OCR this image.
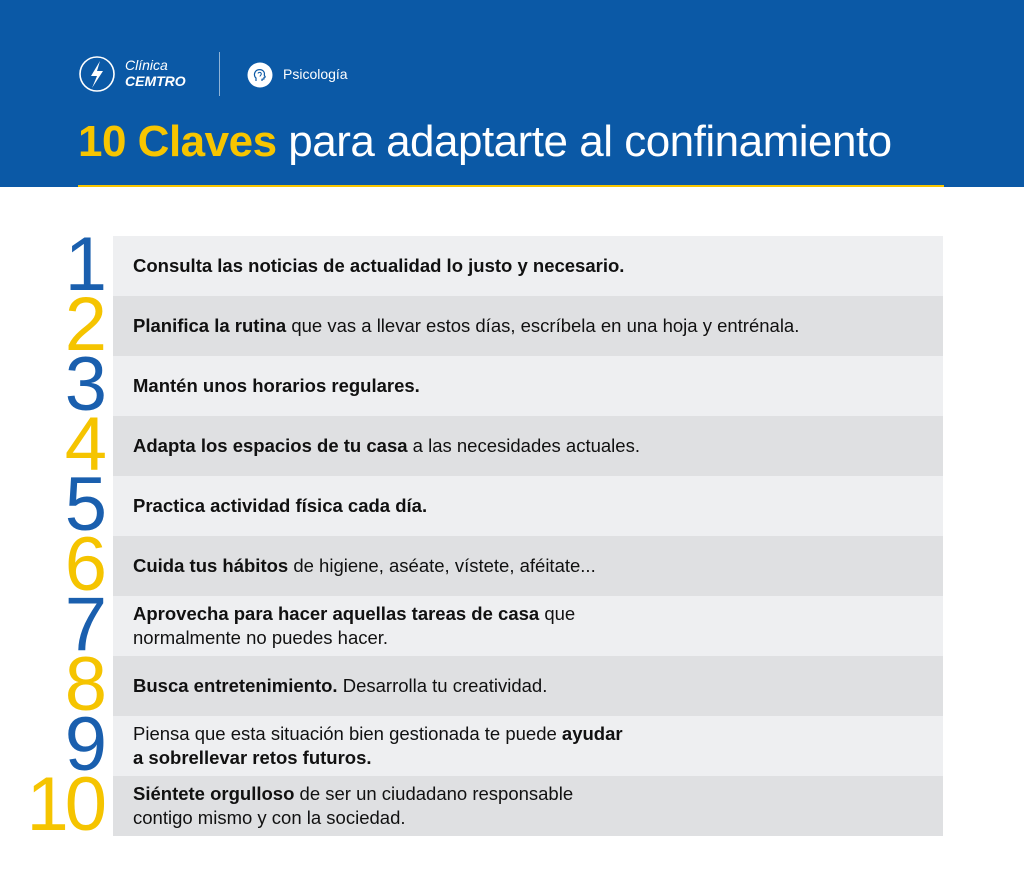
Clínica
CEMTRO	Psicología
10 Claves para adaptarte al confinamiento
1 Consulta las noticias de actualidad lo justo y necesario.

2 Planifica la rutina que vas a llevar estos días, escríbela en una hoja y entrénala.

3 Mantén unos horarios regulares.

4 Adapta los espacios de tu casa a las necesidades actuales.

5 Practica actividad física cada día.

6 Cuida tus hábitos de higiene, aséate, vístete, aféitate...

7 Aprovecha para hacer aquellas tareas de casa que
normalmente no puedes hacer.

8 Busca entretenimiento. Desarrolla tu creatividad.

9 Piensa que esta situación bien gestionada te puede ayudar
a sobrellevar retos futuros.

10 Siéntete orgulloso de ser un ciudadano responsable
contigo mismo y con la sociedad.
